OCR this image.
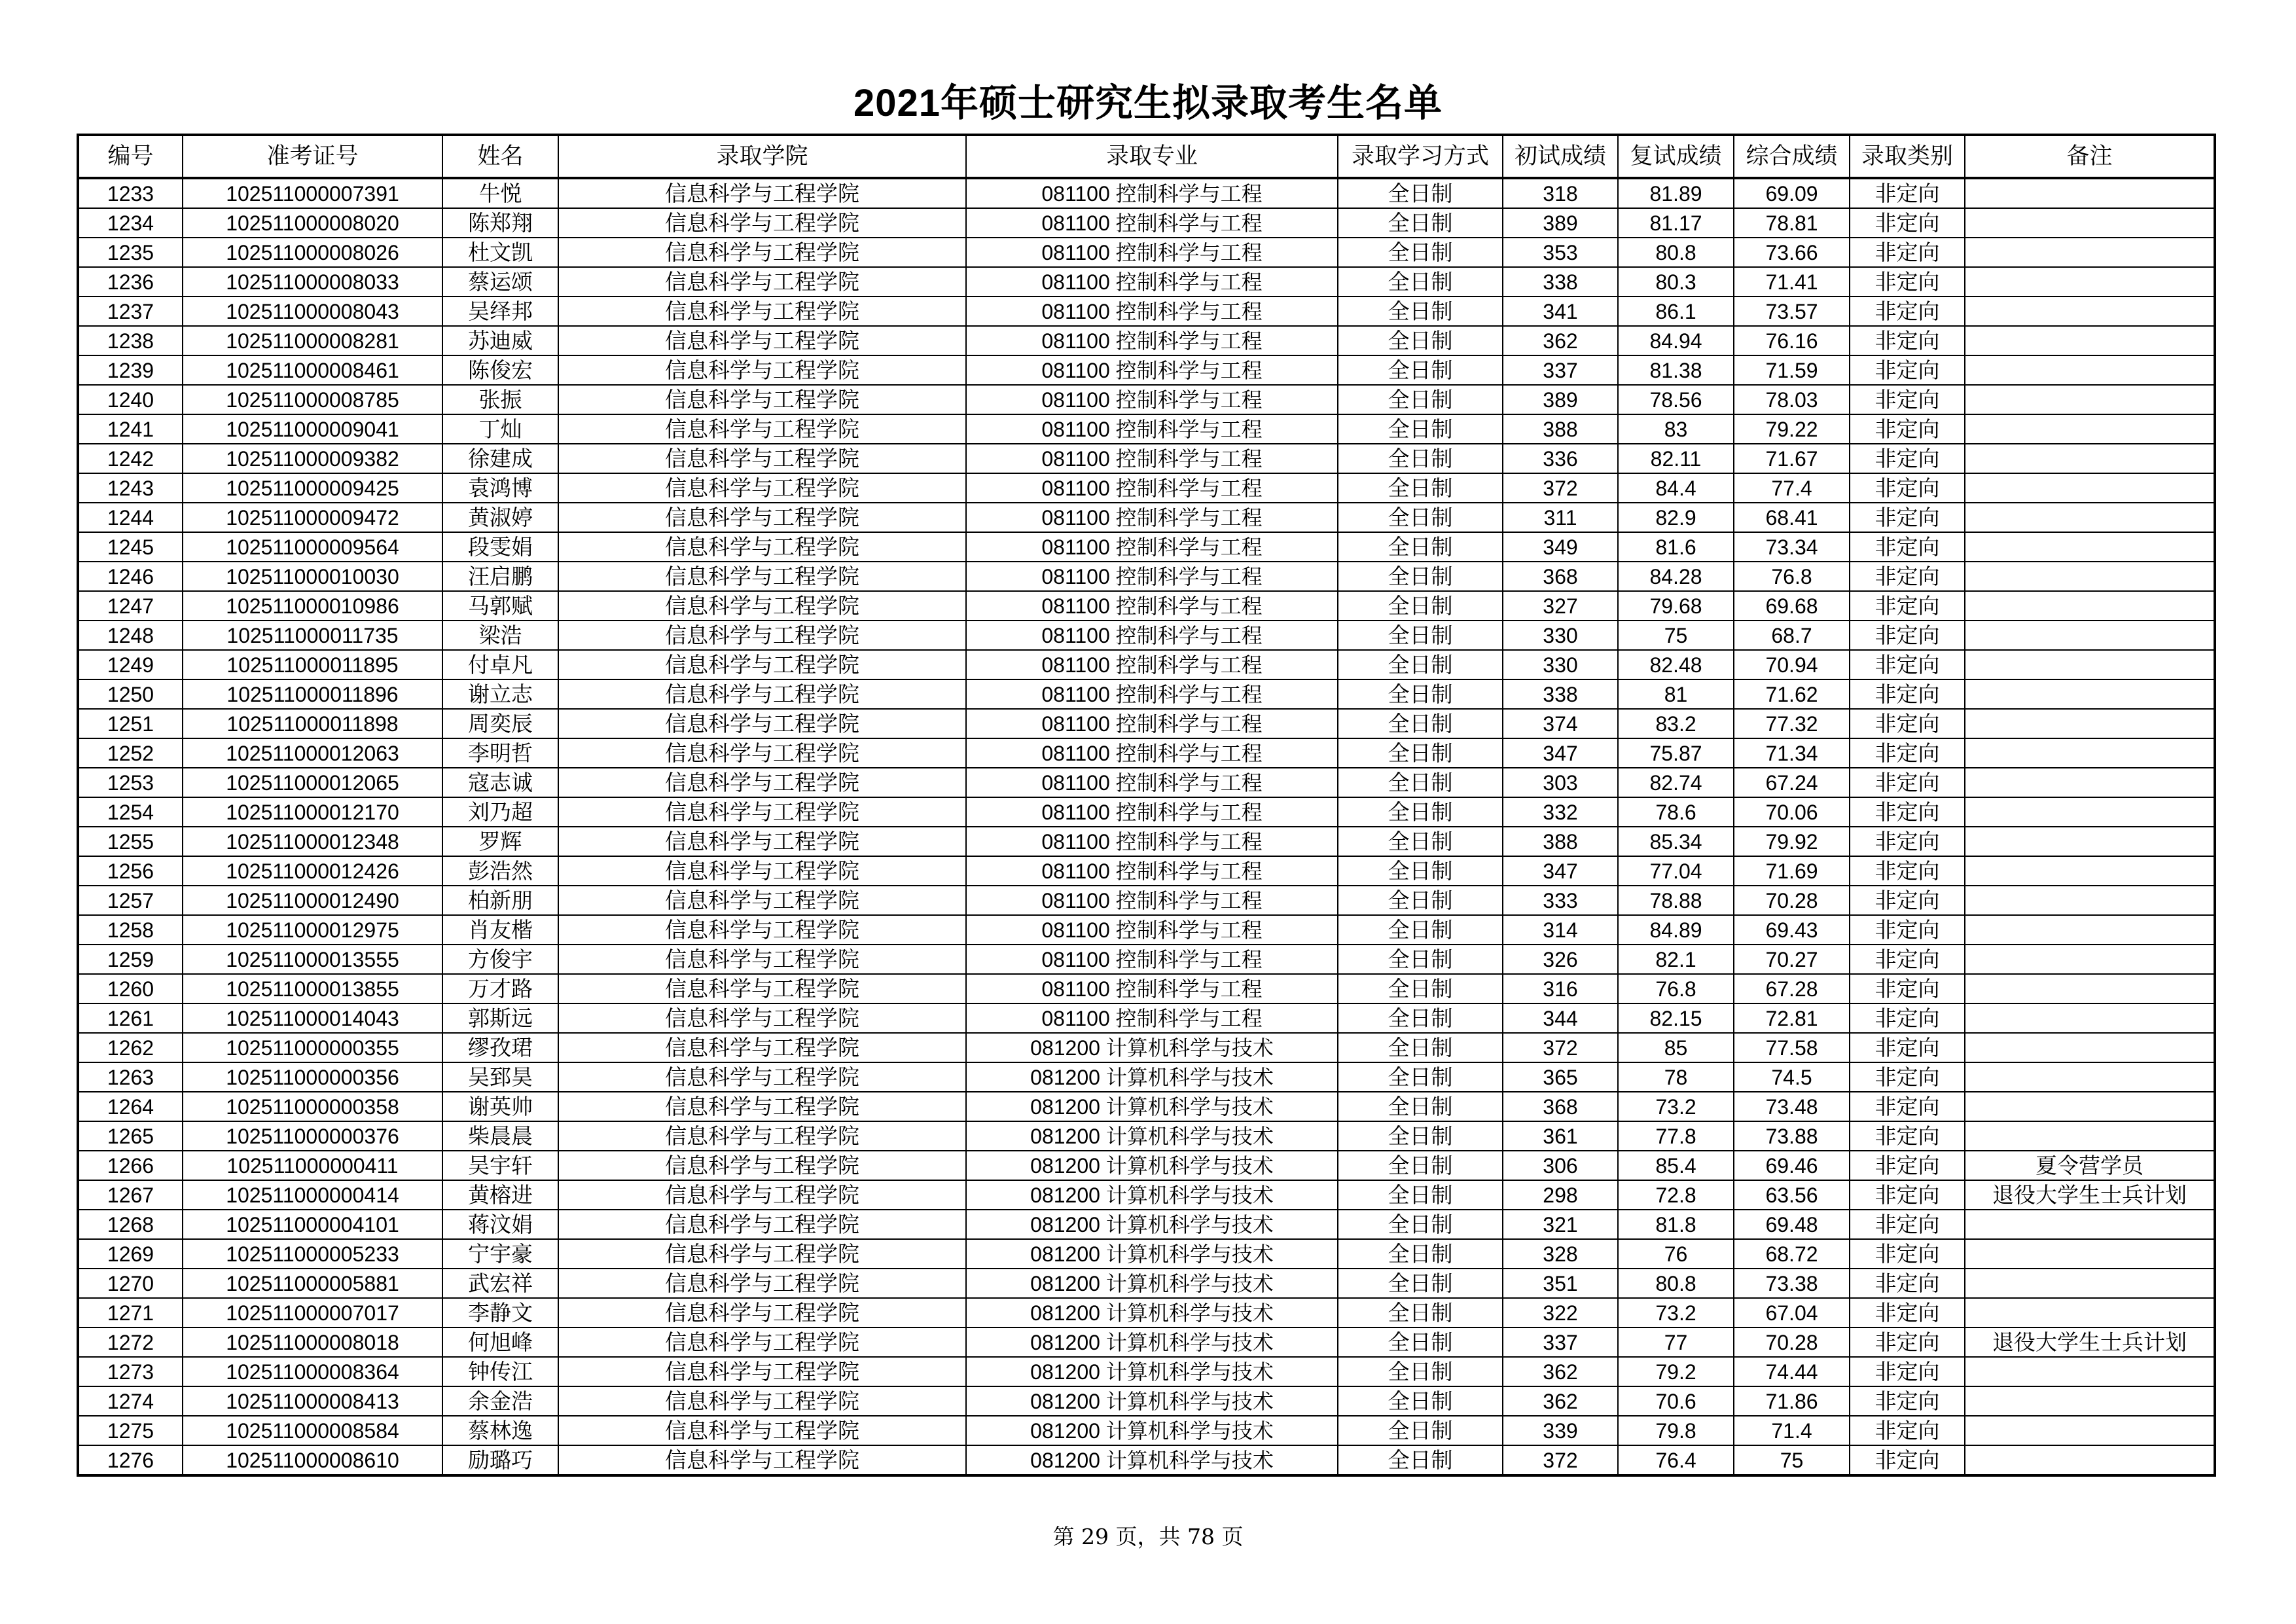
2021年硕士研究生拟录取考生名单
编号	准考证号	姓名	录取学院	录取专业	录取学习方式	初试成绩	复试成绩	综合成绩	录取类别	备注
1233	102511000007391	牛悦	信息科学与工程学院	081100 控制科学与工程	全日制	318	81.89	69.09	非定向	
1234	102511000008020	陈郑翔	信息科学与工程学院	081100 控制科学与工程	全日制	389	81.17	78.81	非定向	
1235	102511000008026	杜文凯	信息科学与工程学院	081100 控制科学与工程	全日制	353	80.8	73.66	非定向	
1236	102511000008033	蔡运颂	信息科学与工程学院	081100 控制科学与工程	全日制	338	80.3	71.41	非定向	
1237	102511000008043	吴绎邦	信息科学与工程学院	081100 控制科学与工程	全日制	341	86.1	73.57	非定向	
1238	102511000008281	苏迪威	信息科学与工程学院	081100 控制科学与工程	全日制	362	84.94	76.16	非定向	
1239	102511000008461	陈俊宏	信息科学与工程学院	081100 控制科学与工程	全日制	337	81.38	71.59	非定向	
1240	102511000008785	张振	信息科学与工程学院	081100 控制科学与工程	全日制	389	78.56	78.03	非定向	
1241	102511000009041	丁灿	信息科学与工程学院	081100 控制科学与工程	全日制	388	83	79.22	非定向	
1242	102511000009382	徐建成	信息科学与工程学院	081100 控制科学与工程	全日制	336	82.11	71.67	非定向	
1243	102511000009425	袁鸿博	信息科学与工程学院	081100 控制科学与工程	全日制	372	84.4	77.4	非定向	
1244	102511000009472	黄淑婷	信息科学与工程学院	081100 控制科学与工程	全日制	311	82.9	68.41	非定向	
1245	102511000009564	段雯娟	信息科学与工程学院	081100 控制科学与工程	全日制	349	81.6	73.34	非定向	
1246	102511000010030	汪启鹏	信息科学与工程学院	081100 控制科学与工程	全日制	368	84.28	76.8	非定向	
1247	102511000010986	马郭赋	信息科学与工程学院	081100 控制科学与工程	全日制	327	79.68	69.68	非定向	
1248	102511000011735	梁浩	信息科学与工程学院	081100 控制科学与工程	全日制	330	75	68.7	非定向	
1249	102511000011895	付卓凡	信息科学与工程学院	081100 控制科学与工程	全日制	330	82.48	70.94	非定向	
1250	102511000011896	谢立志	信息科学与工程学院	081100 控制科学与工程	全日制	338	81	71.62	非定向	
1251	102511000011898	周奕辰	信息科学与工程学院	081100 控制科学与工程	全日制	374	83.2	77.32	非定向	
1252	102511000012063	李明哲	信息科学与工程学院	081100 控制科学与工程	全日制	347	75.87	71.34	非定向	
1253	102511000012065	寇志诚	信息科学与工程学院	081100 控制科学与工程	全日制	303	82.74	67.24	非定向	
1254	102511000012170	刘乃超	信息科学与工程学院	081100 控制科学与工程	全日制	332	78.6	70.06	非定向	
1255	102511000012348	罗辉	信息科学与工程学院	081100 控制科学与工程	全日制	388	85.34	79.92	非定向	
1256	102511000012426	彭浩然	信息科学与工程学院	081100 控制科学与工程	全日制	347	77.04	71.69	非定向	
1257	102511000012490	柏新朋	信息科学与工程学院	081100 控制科学与工程	全日制	333	78.88	70.28	非定向	
1258	102511000012975	肖友楷	信息科学与工程学院	081100 控制科学与工程	全日制	314	84.89	69.43	非定向	
1259	102511000013555	方俊宇	信息科学与工程学院	081100 控制科学与工程	全日制	326	82.1	70.27	非定向	
1260	102511000013855	万才路	信息科学与工程学院	081100 控制科学与工程	全日制	316	76.8	67.28	非定向	
1261	102511000014043	郭斯远	信息科学与工程学院	081100 控制科学与工程	全日制	344	82.15	72.81	非定向	
1262	102511000000355	缪孜珺	信息科学与工程学院	081200 计算机科学与技术	全日制	372	85	77.58	非定向	
1263	102511000000356	吴郅昊	信息科学与工程学院	081200 计算机科学与技术	全日制	365	78	74.5	非定向	
1264	102511000000358	谢英帅	信息科学与工程学院	081200 计算机科学与技术	全日制	368	73.2	73.48	非定向	
1265	102511000000376	柴晨晨	信息科学与工程学院	081200 计算机科学与技术	全日制	361	77.8	73.88	非定向	
1266	102511000000411	吴宇轩	信息科学与工程学院	081200 计算机科学与技术	全日制	306	85.4	69.46	非定向	夏令营学员
1267	102511000000414	黄榕进	信息科学与工程学院	081200 计算机科学与技术	全日制	298	72.8	63.56	非定向	退役大学生士兵计划
1268	102511000004101	蒋汶娟	信息科学与工程学院	081200 计算机科学与技术	全日制	321	81.8	69.48	非定向	
1269	102511000005233	宁宇豪	信息科学与工程学院	081200 计算机科学与技术	全日制	328	76	68.72	非定向	
1270	102511000005881	武宏祥	信息科学与工程学院	081200 计算机科学与技术	全日制	351	80.8	73.38	非定向	
1271	102511000007017	李静文	信息科学与工程学院	081200 计算机科学与技术	全日制	322	73.2	67.04	非定向	
1272	102511000008018	何旭峰	信息科学与工程学院	081200 计算机科学与技术	全日制	337	77	70.28	非定向	退役大学生士兵计划
1273	102511000008364	钟传江	信息科学与工程学院	081200 计算机科学与技术	全日制	362	79.2	74.44	非定向	
1274	102511000008413	余金浩	信息科学与工程学院	081200 计算机科学与技术	全日制	362	70.6	71.86	非定向	
1275	102511000008584	蔡林逸	信息科学与工程学院	081200 计算机科学与技术	全日制	339	79.8	71.4	非定向	
1276	102511000008610	励璐巧	信息科学与工程学院	081200 计算机科学与技术	全日制	372	76.4	75	非定向	
第 29 页，共 78 页
